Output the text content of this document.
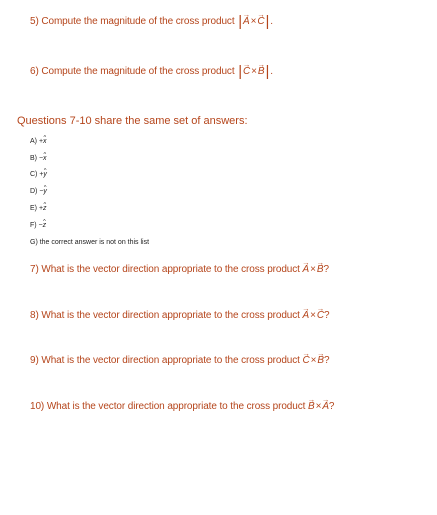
5) Compute the magnitude of the cross product |→ A×→ C|.
6) Compute the magnitude of the cross product |→ C×→ B|.
Questions 7-10 share the same set of answers:
A) +^ x
B) −^ x
C) +^ y
D) −^ y
E) +^ z
F) −^ z
G) the correct answer is not on this list
7) What is the vector direction appropriate to the cross product → A×→ B?
8) What is the vector direction appropriate to the cross product → A×→ C?
9) What is the vector direction appropriate to the cross product → C×→ B?
10) What is the vector direction appropriate to the cross product → B×→ A?
